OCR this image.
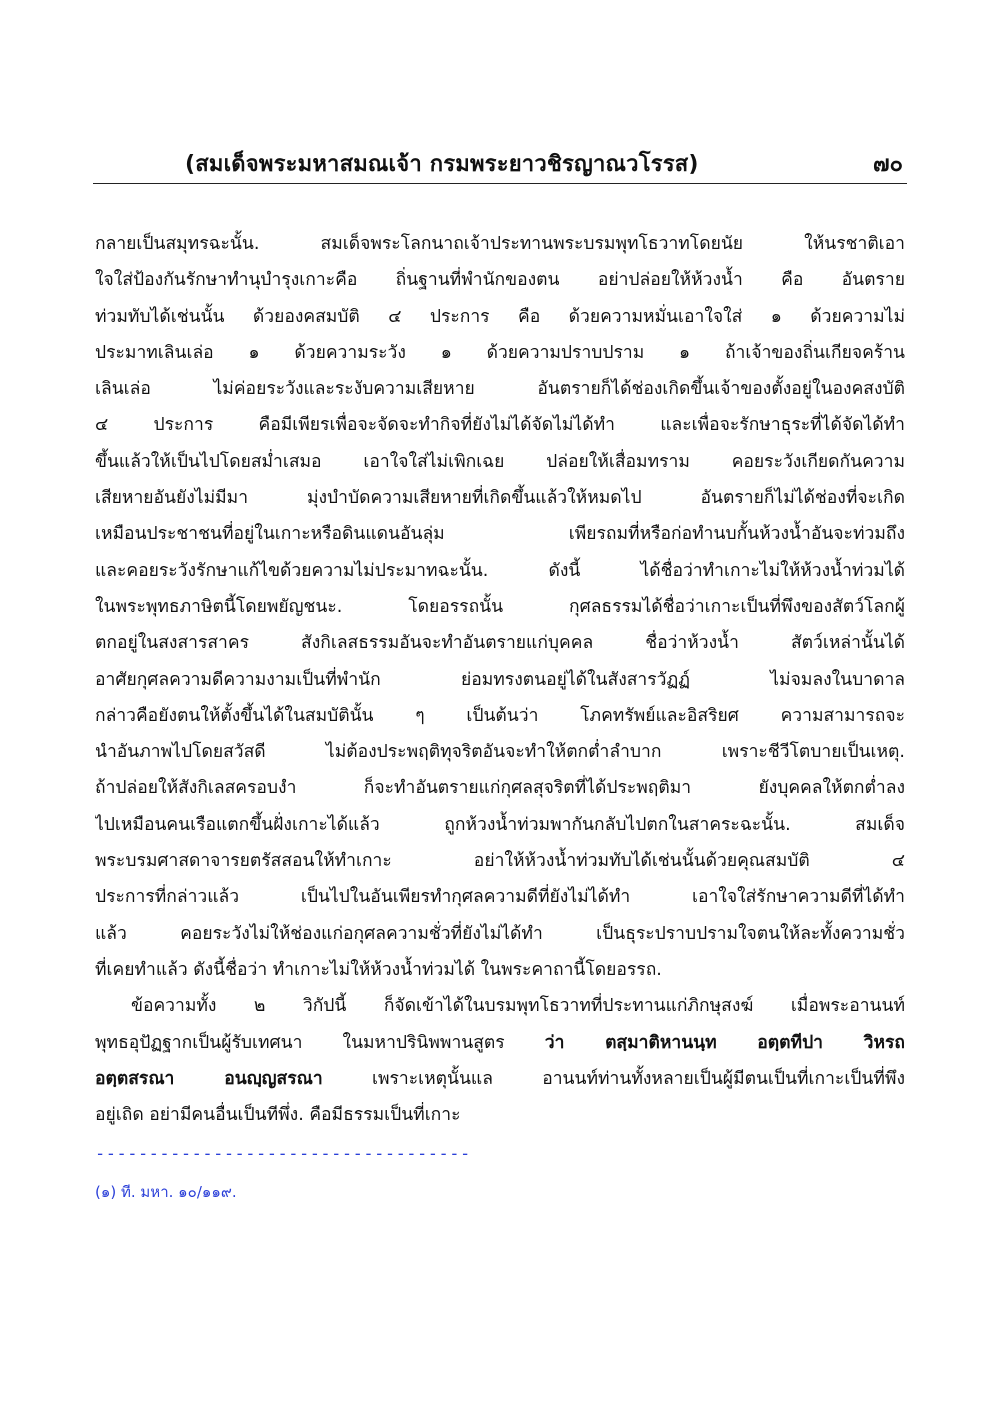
(สมเด็จพระมหาสมณเจ้า กรมพระยาวชิรญาณวโรรส)	๗๐
กลายเป็นสมุทรฉะนั้น. สมเด็จพระโลกนาถเจ้าประทานพระบรมพุทโธวาทโดยนัย ให้นรชาติเอา
ใจใส่ป้องกันรักษาทำนุบำรุงเกาะคือ ถิ่นฐานที่พำนักของตน อย่าปล่อยให้ห้วงน้ำ คือ อันตราย
ท่วมทับได้เช่นนั้น ด้วยองคสมบัติ ๔ ประการ คือ ด้วยความหมั่นเอาใจใส่ ๑ ด้วยความไม่
ประมาทเลินเล่อ ๑ ด้วยความระวัง ๑ ด้วยความปราบปราม ๑ ถ้าเจ้าของถิ่นเกียจคร้าน
เลินเล่อ ไม่ค่อยระวังและระงับความเสียหาย อันตรายก็ได้ช่องเกิดขึ้นเจ้าของตั้งอยู่ในองคสงบัติ
๔ ประการ คือมีเพียรเพื่อจะจัดจะทำกิจที่ยังไม่ได้จัดไม่ได้ทำ และเพื่อจะรักษาธุระที่ได้จัดได้ทำ
ขึ้นแล้วให้เป็นไปโดยสม่ำเสมอ เอาใจใส่ไม่เพิกเฉย ปล่อยให้เสื่อมทราม คอยระวังเกียดกันความ
เสียหายอันยังไม่มีมา มุ่งบำบัดความเสียหายที่เกิดขึ้นแล้วให้หมดไป อันตรายก็ไม่ได้ช่องที่จะเกิด
เหมือนประชาชนที่อยู่ในเกาะหรือดินแดนอันลุ่ม เพียรถมที่หรือก่อทำนบกั้นห้วงน้ำอันจะท่วมถึง
และคอยระวังรักษาแก้ไขด้วยความไม่ประมาทฉะนั้น. ดังนี้ ได้ชื่อว่าทำเกาะไม่ให้ห้วงน้ำท่วมได้
ในพระพุทธภาษิตนี้โดยพยัญชนะ. โดยอรรถนั้น กุศลธรรมได้ชื่อว่าเกาะเป็นที่พึงของสัตว์โลกผู้
ตกอยู่ในสงสารสาคร สังกิเลสธรรมอันจะทำอันตรายแก่บุคคล ชื่อว่าห้วงน้ำ สัตว์เหล่านั้นได้
อาศัยกุศลความดีความงามเป็นที่พำนัก ย่อมทรงตนอยู่ได้ในสังสารวัฏฏ์ ไม่จมลงในบาดาล
กล่าวคือยังตนให้ตั้งขึ้นได้ในสมบัตินั้น ๆ เป็นต้นว่า โภคทรัพย์และอิสริยศ ความสามารถจะ
นำอันภาพไปโดยสวัสดี ไม่ต้องประพฤติทุจริตอันจะทำให้ตกต่ำลำบาก เพราะชีวีโตบายเป็นเหตุ.
ถ้าปล่อยให้สังกิเลสครอบงำ ก็จะทำอันตรายแก่กุศลสุจริตที่ได้ประพฤติมา ยังบุคคลให้ตกต่ำลง
ไปเหมือนคนเรือแตกขึ้นฝั่งเกาะได้แล้ว ถูกห้วงน้ำท่วมพากันกลับไปตกในสาคระฉะนั้น. สมเด็จ
พระบรมศาสดาจารยตรัสสอนให้ทำเกาะ อย่าให้ห้วงน้ำท่วมทับได้เช่นนั้นด้วยคุณสมบัติ ๔
ประการที่กล่าวแล้ว เป็นไปในอันเพียรทำกุศลความดีที่ยังไม่ได้ทำ เอาใจใส่รักษาความดีที่ได้ทำ
แล้ว คอยระวังไม่ให้ช่องแก่อกุศลความชั่วที่ยังไม่ได้ทำ เป็นธุระปราบปรามใจตนให้ละทั้งความชั่ว
ที่เคยทำแล้ว ดังนี้ชื่อว่า ทำเกาะไม่ให้ห้วงน้ำท่วมได้ ในพระคาถานี้โดยอรรถ.
ข้อความทั้ง ๒ วิกัปนี้ ก็จัดเข้าได้ในบรมพุทโธวาทที่ประทานแก่ภิกษุสงฆ์ เมื่อพระอานนท์
พุทธอุปัฏฐากเป็นผู้รับเทศนา ในมหาปรินิพพานสูตร ว่า ตสฺมาติหานนฺท อตฺตทีปา วิหรถ
อตฺตสรณา อนญฺญสรณา เพราะเหตุนั้นแล อานนท์ท่านทั้งหลายเป็นผู้มีตนเป็นที่เกาะเป็นที่พึง
อยู่เถิด อย่ามีคนอื่นเป็นทีพึ่ง. คือมีธรรมเป็นที่เกาะ
-----------------------------------
(๑) ที. มหา. ๑๐/๑๑๙.
